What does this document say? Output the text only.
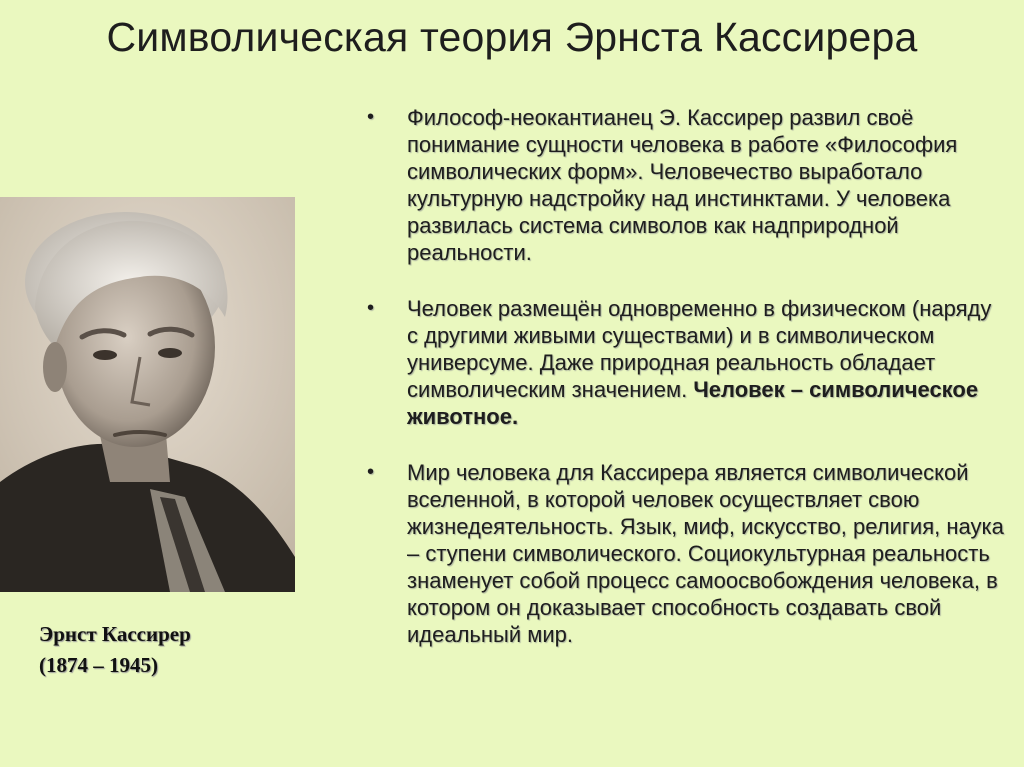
Символическая теория Эрнста Кассирера
Эрнст Кассирер
(1874 – 1945)
•	Философ-неокантианец Э. Кассирер развил своё понимание сущности человека в работе «Философия символических форм». Человечество выработало культурную надстройку над инстинктами. У человека развилась система символов как надприродной реальности.
•	Человек размещён одновременно в физическом (наряду с другими живыми существами) и в символическом универсуме. Даже природная реальность обладает символическим значением. Человек – символическое животное.
•	Мир человека для Кассирера является символической вселенной, в которой человек осуществляет свою жизнедеятельность. Язык, миф, искусство, религия, наука – ступени символического. Социокультурная реальность знаменует собой процесс самоосвобождения человека, в котором он доказывает способность создавать свой идеальный мир.
